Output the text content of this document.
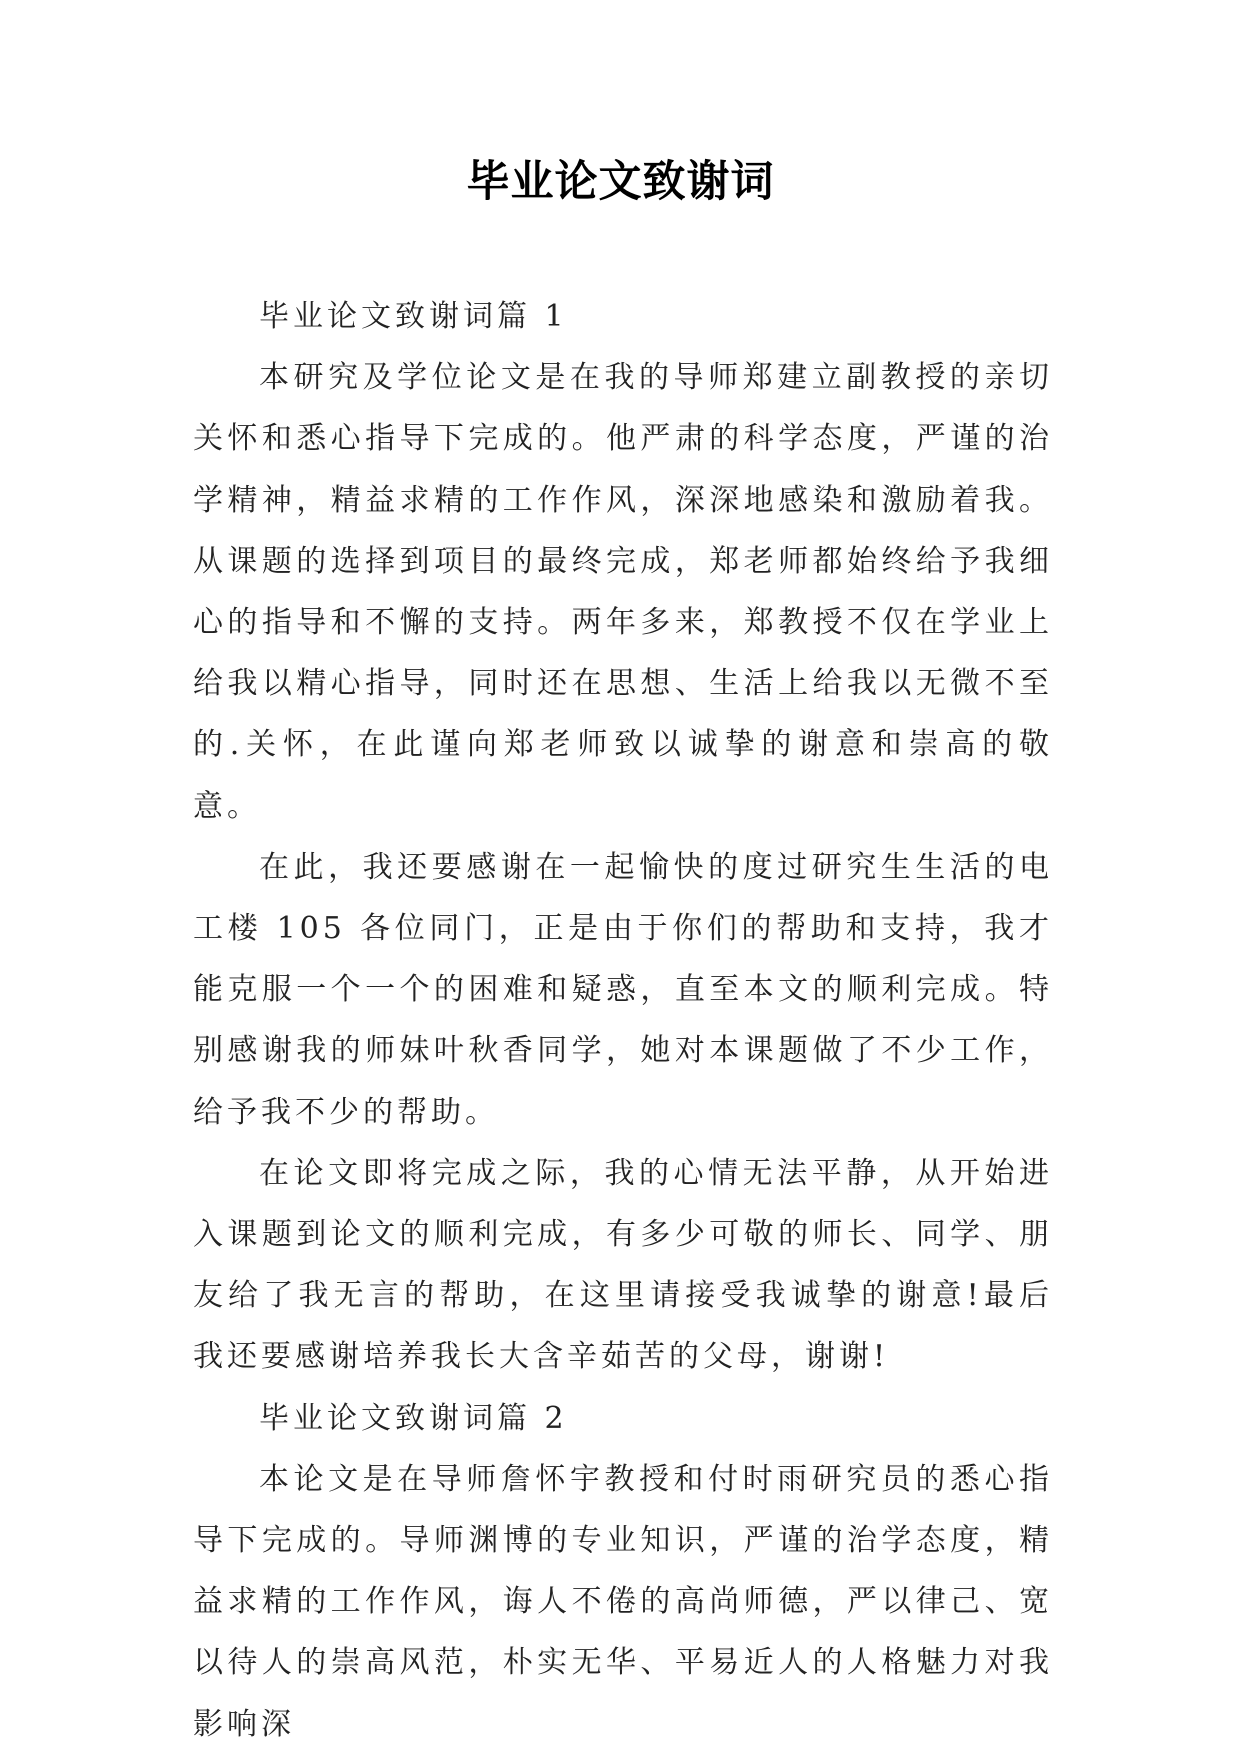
毕业论文致谢词

毕业论文致谢词篇 1

本研究及学位论文是在我的导师郑建立副教授的亲切关怀和悉心指导下完成的。他严肃的科学态度，严谨的治学精神，精益求精的工作作风，深深地感染和激励着我。从课题的选择到项目的最终完成，郑老师都始终给予我细心的指导和不懈的支持。两年多来，郑教授不仅在学业上给我以精心指导，同时还在思想、生活上给我以无微不至的.关怀，在此谨向郑老师致以诚挚的谢意和崇高的敬意。

在此，我还要感谢在一起愉快的度过研究生生活的电工楼 105 各位同门，正是由于你们的帮助和支持，我才能克服一个一个的困难和疑惑，直至本文的顺利完成。特别感谢我的师妹叶秋香同学，她对本课题做了不少工作，给予我不少的帮助。

在论文即将完成之际，我的心情无法平静，从开始进入课题到论文的顺利完成，有多少可敬的师长、同学、朋友给了我无言的帮助，在这里请接受我诚挚的谢意!最后我还要感谢培养我长大含辛茹苦的父母，谢谢!

毕业论文致谢词篇 2

本论文是在导师詹怀宇教授和付时雨研究员的悉心指导下完成的。导师渊博的专业知识，严谨的治学态度，精益求精的工作作风，诲人不倦的高尚师德，严以律己、宽以待人的崇高风范，朴实无华、平易近人的人格魅力对我影响深
